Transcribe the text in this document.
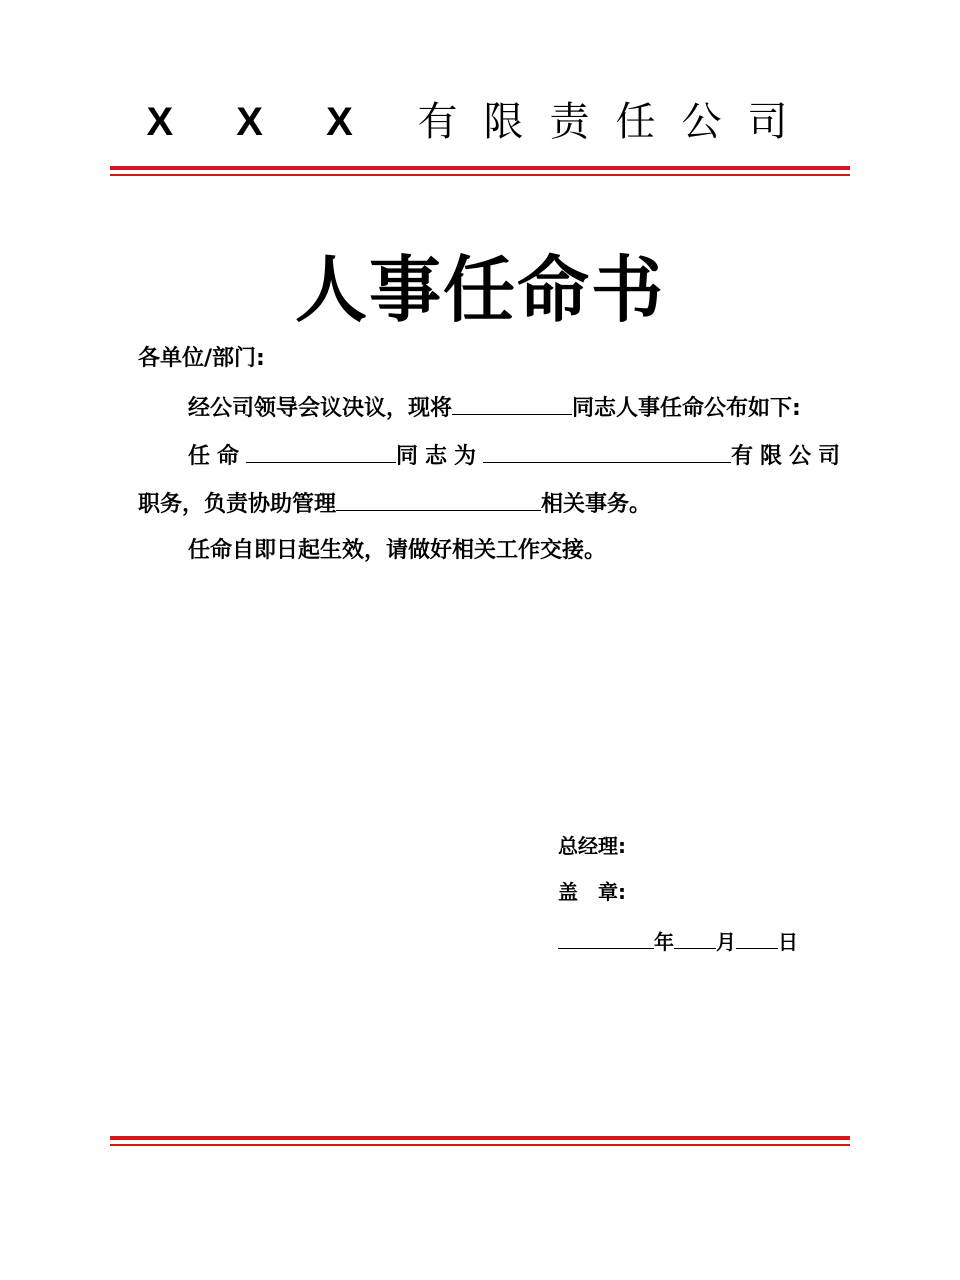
X X X 有限责任公司
人事任命书
各单位/部门:
经公司领导会议决议，现将	同志人事任命公布如下:
任命	同志为	有限公司
职务，负责协助管理	相关事务。
任命自即日起生效，请做好相关工作交接。
总经理:
盖　章:
年 月 日
